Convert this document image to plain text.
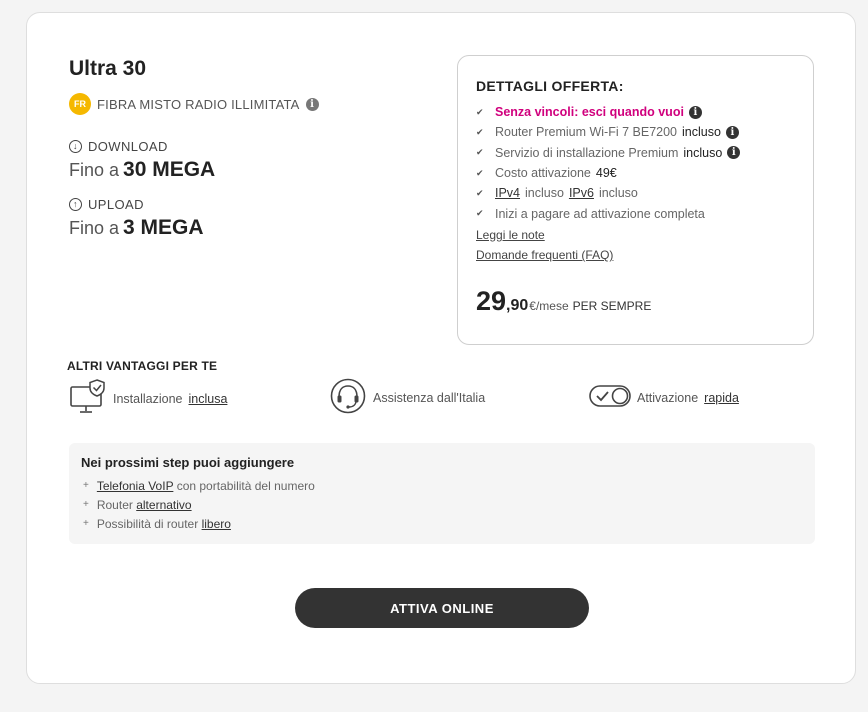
Ultra 30
FR FIBRA MISTO RADIO ILLIMITATA	i
↓ DOWNLOAD
Fino a 30 MEGA
↑ UPLOAD
Fino a 3 MEGA
DETTAGLI OFFERTA:
✔ Senza vincoli: esci quando vuoi i
✔ Router Premium Wi-Fi 7 BE7200 incluso i
✔ Servizio di installazione Premium incluso i
✔ Costo attivazione 49€
✔ IPv4 incluso IPv6 incluso
✔ Inizi a pagare ad attivazione completa
Leggi le note
Domande frequenti (FAQ)
29 ,90 €/mese PER SEMPRE
ALTRI VANTAGGI PER TE
Installazione inclusa	Assistenza dall'Italia	Attivazione rapida
Nei prossimi step puoi aggiungere
+ Telefonia VoIP con portabilità del numero
+ Router alternativo
+ Possibilità di router libero
ATTIVA ONLINE
